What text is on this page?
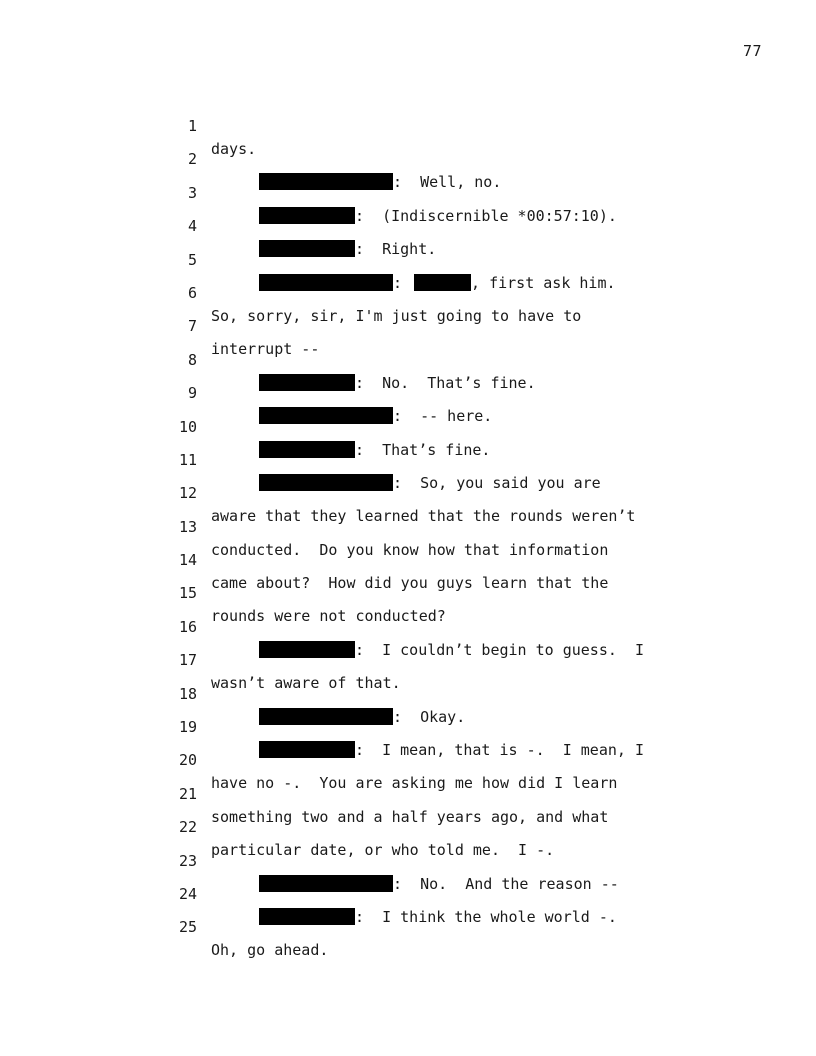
77

1

days.

2

:  Well, no.

3

:  (Indiscernible *00:57:10).

4

:  Right.

5

:	, first ask him.

6

So, sorry, sir, I'm just going to have to

7

interrupt --

8

:  No.  That’s fine.

9

:  -- here.

10

:  That’s fine.

11

:  So, you said you are

12

aware that they learned that the rounds weren’t

13

conducted.  Do you know how that information

14

came about?  How did you guys learn that the

15

rounds were not conducted?

16

:  I couldn’t begin to guess.  I

17

wasn’t aware of that.

18

:  Okay.

19

:  I mean, that is -.  I mean, I

20

have no -.  You are asking me how did I learn

21

something two and a half years ago, and what

22

particular date, or who told me.  I -.

23

:  No.  And the reason --

24

:  I think the whole world -.

25

Oh, go ahead.
